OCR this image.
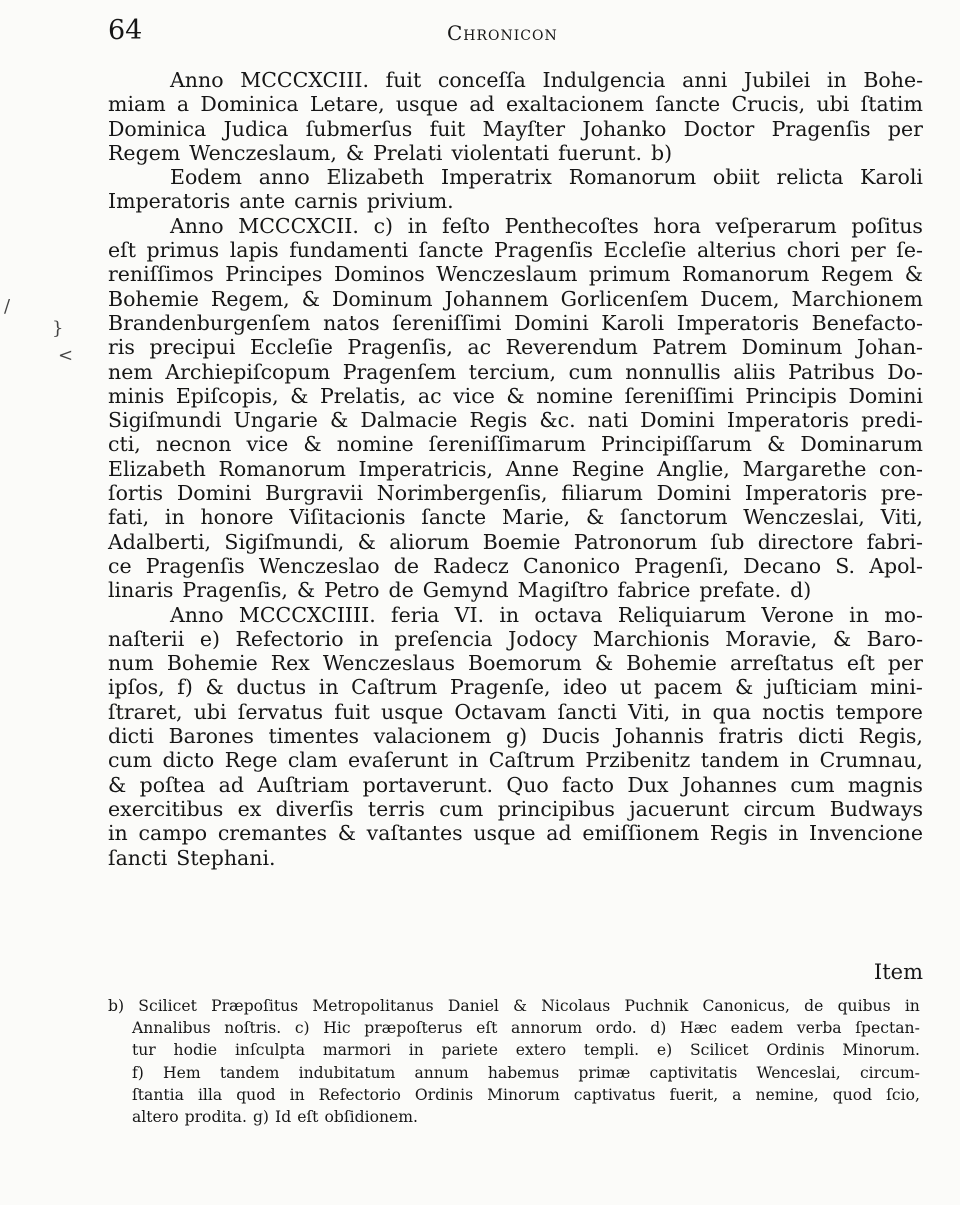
64	Chronicon
Anno MCCCXCIII. fuit conceſſa Indulgencia anni Jubilei in Bohe-
miam a Dominica Letare, usque ad exaltacionem ſancte Crucis, ubi ſtatim
Dominica Judica ſubmerſus fuit Mayſter Johanko Doctor Pragenſis per
Regem Wenczeslaum, & Prelati violentati fuerunt. b)
Eodem anno Elizabeth Imperatrix Romanorum obiit relicta Karoli
Imperatoris ante carnis privium.
Anno MCCCXCII. c) in feſto Penthecoſtes hora veſperarum poſitus
eſt primus lapis fundamenti ſancte Pragenſis Eccleſie alterius chori per ſe-
reniſſimos Principes Dominos Wenczeslaum primum Romanorum Regem &
Bohemie Regem, & Dominum Johannem Gorlicenſem Ducem, Marchionem
Brandenburgenſem natos ſereniſſimi Domini Karoli Imperatoris Benefacto-
ris precipui Eccleſie Pragenſis, ac Reverendum Patrem Dominum Johan-
nem Archiepiſcopum Pragenſem tercium, cum nonnullis aliis Patribus Do-
minis Epiſcopis, & Prelatis, ac vice & nomine ſereniſſimi Principis Domini
Sigiſmundi Ungarie & Dalmacie Regis &c. nati Domini Imperatoris predi-
cti, necnon vice & nomine ſereniſſimarum Principiſſarum & Dominarum
Elizabeth Romanorum Imperatricis, Anne Regine Anglie, Margarethe con-
ſortis Domini Burgravii Norimbergenſis, filiarum Domini Imperatoris pre-
fati, in honore Viſitacionis ſancte Marie, & ſanctorum Wenczeslai, Viti,
Adalberti, Sigiſmundi, & aliorum Boemie Patronorum ſub directore fabri-
ce Pragenſis Wenczeslao de Radecz Canonico Pragenſi, Decano S. Apol-
linaris Pragenſis, & Petro de Gemynd Magiſtro fabrice prefate. d)
Anno MCCCXCIIII. feria VI. in octava Reliquiarum Verone in mo-
naſterii e) Refectorio in preſencia Jodocy Marchionis Moravie, & Baro-
num Bohemie Rex Wenczeslaus Boemorum & Bohemie arreſtatus eſt per
ipſos, f) & ductus in Caſtrum Pragenſe, ideo ut pacem & juſticiam mini-
ſtraret, ubi ſervatus fuit usque Octavam ſancti Viti, in qua noctis tempore
dicti Barones timentes valacionem g) Ducis Johannis fratris dicti Regis,
cum dicto Rege clam evaſerunt in Caſtrum Przibenitz tandem in Crumnau,
& poſtea ad Auſtriam portaverunt. Quo facto Dux Johannes cum magnis
exercitibus ex diverſis terris cum principibus jacuerunt circum Budways
in campo cremantes & vaſtantes usque ad emiſſionem Regis in Invencione
ſancti Stephani.
Item
b) Scilicet Præpoſitus Metropolitanus Daniel & Nicolaus Puchnik Canonicus, de quibus in
Annalibus noſtris. c) Hic præpoſterus eſt annorum ordo. d) Hæc eadem verba ſpectan-
tur hodie inſculpta marmori in pariete extero templi. e) Scilicet Ordinis Minorum.
f) Hem tandem indubitatum annum habemus primæ captivitatis Wenceslai, circum-
ſtantia illa quod in Refectorio Ordinis Minorum captivatus fuerit, a nemine, quod ſcio,
altero prodita. g) Id eſt obſidionem.
/
}
<
